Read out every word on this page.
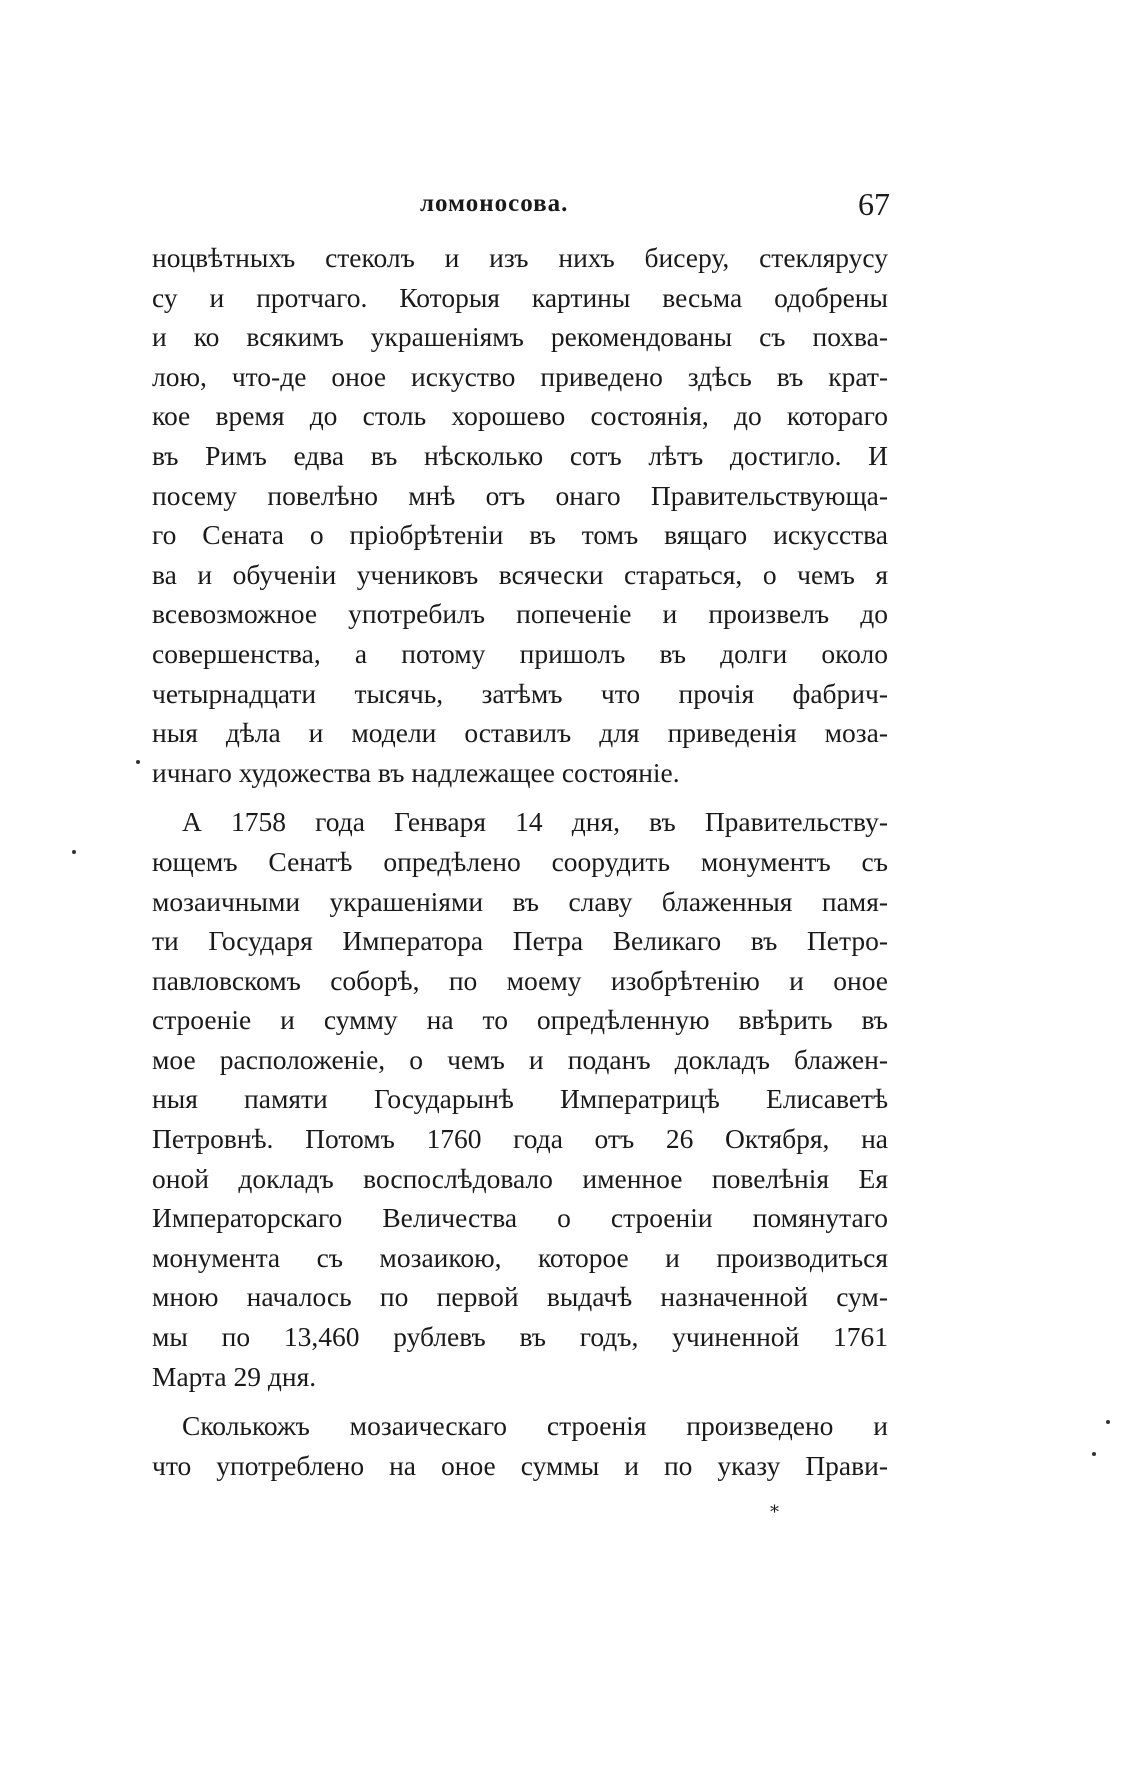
ломоносова.	67
ноцвѣтныхъ стеколъ и изъ нихъ бисеру, стеклярусу
су и протчаго. Которыя картины весьма одобрены
и ко всякимъ украшеніямъ рекомендованы съ похва-
лою, что-де оное искуство приведено здѣсь въ крат-
кое время до столь хорошево состоянія, до котораго
въ Римъ едва въ нѣсколько сотъ лѣтъ достигло. И
посему повелѣно мнѣ отъ онаго Правительствующа-
го Сената о пріобрѣтеніи въ томъ вящаго искусства
ва и обученіи учениковъ всячески стараться, о чемъ я
всевозможное употребилъ попеченіе и произвелъ до
совершенства, а потому пришолъ въ долги около
четырнадцати тысячь, затѣмъ что прочія фабрич-
ныя дѣла и модели оставилъ для приведенія моза-
ичнаго художества въ надлежащее состояніе.
А 1758 года Генваря 14 дня, въ Правительству-
ющемъ Сенатѣ опредѣлено соорудить монументъ съ
мозаичными украшеніями въ славу блаженныя памя-
ти Государя Императора Петра Великаго въ Петро-
павловскомъ соборѣ, по моему изобрѣтенію и оное
строеніе и сумму на то опредѣленную ввѣрить въ
мое расположеніе, о чемъ и поданъ докладъ блажен-
ныя памяти Государынѣ Императрицѣ Елисаветѣ
Петровнѣ. Потомъ 1760 года отъ 26 Октября, на
оной докладъ воспослѣдовало именное повелѣнія Ея
Императорскаго Величества о строеніи помянутаго
монумента съ мозаикою, которое и производиться
мною началось по первой выдачѣ назначенной сум-
мы по 13,460 рублевъ въ годъ, учиненной 1761
Марта 29 дня.
Сколькожъ мозаическаго строенія произведено и
что употреблено на оное суммы и по указу Прави-
*
